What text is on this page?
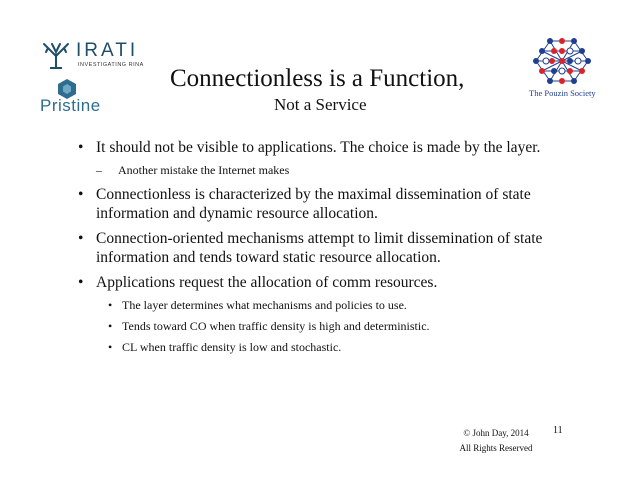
IRATI
INVESTIGATING RINA
Pristine
Connectionless is a Function,
Not a Service
The Pouzin Society
• It should not be visible to applications. The choice is made by the layer.
– Another mistake the Internet makes
• Connectionless is characterized by the maximal dissemination of state information and dynamic resource allocation.
• Connection-oriented mechanisms attempt to limit dissemination of state information and tends toward static resource allocation.
• Applications request the allocation of comm resources.
• The layer determines what mechanisms and policies to use.
• Tends toward CO when traffic density is high and deterministic.
• CL when traffic density is low and stochastic.
© John Day, 2014
All Rights Reserved
11
